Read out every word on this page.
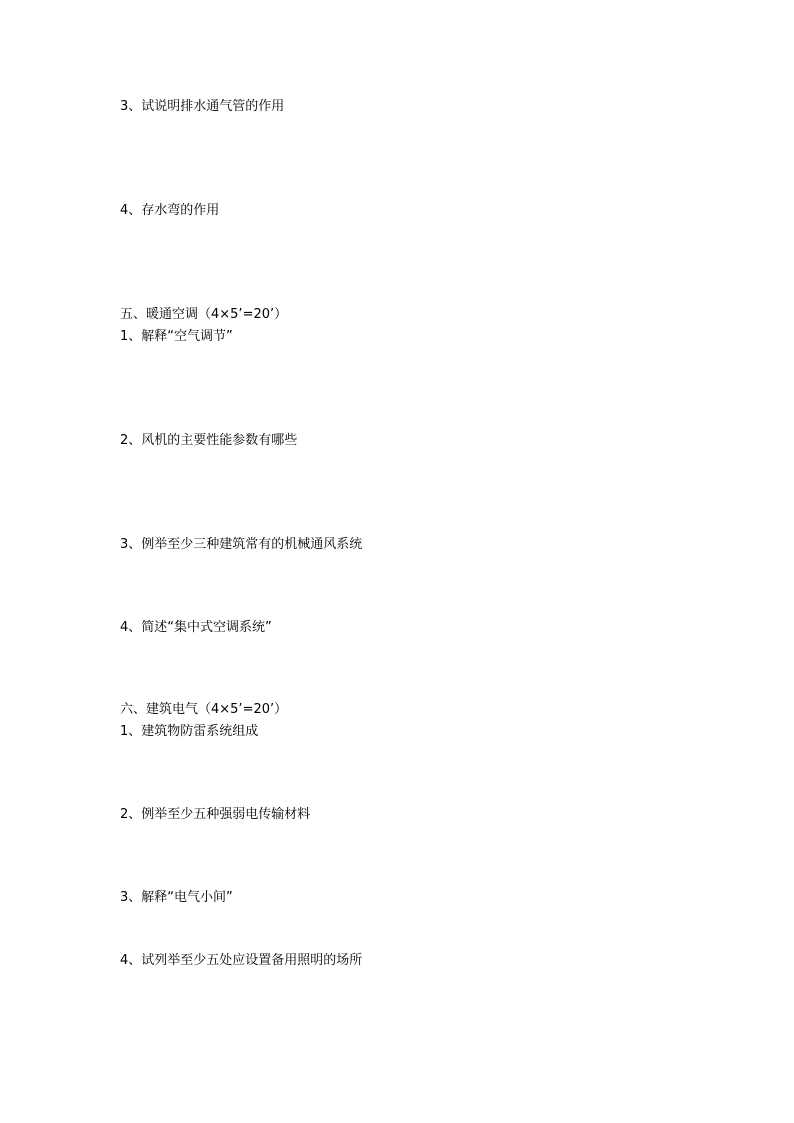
3、试说明排水通气管的作用
4、存水弯的作用
五、暖通空调（4×5’=20’）
1、解释“空气调节”
2、风机的主要性能参数有哪些
3、例举至少三种建筑常有的机械通风系统
4、简述“集中式空调系统”
六、建筑电气（4×5’=20’）
1、建筑物防雷系统组成
2、例举至少五种强弱电传输材料
3、解释“电气小间”
4、试列举至少五处应设置备用照明的场所
